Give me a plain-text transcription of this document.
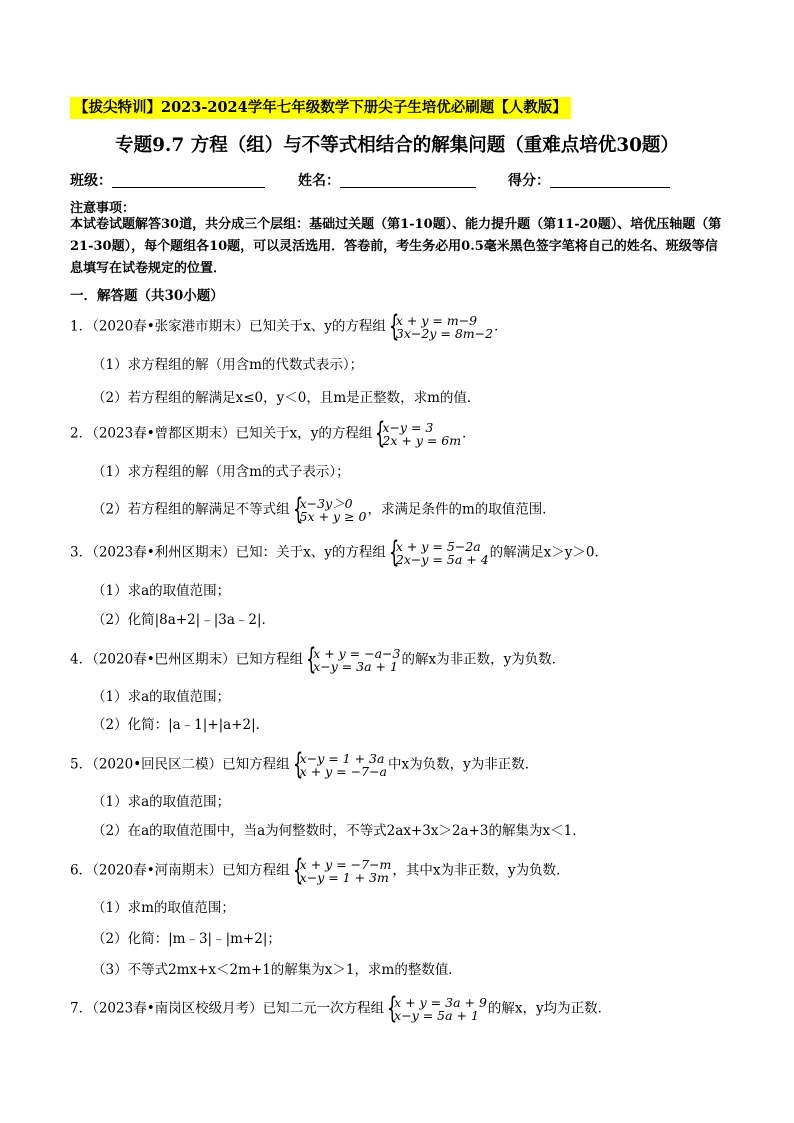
【拔尖特训】2023-2024学年七年级数学下册尖子生培优必刷题【人教版】
专题9.7 方程（组）与不等式相结合的解集问题（重难点培优30题）
班级：	姓名：	得分：
注意事项：
本试卷试题解答30道，共分成三个层组：基础过关题（第1-10题）、能力提升题（第11-20题）、培优压轴题（第21-30题），每个题组各10题，可以灵活选用．答卷前，考生务必用0.5毫米黑色签字笔将自己的姓名、班级等信息填写在试卷规定的位置．
一．解答题（共30小题）
1．（2020春•张家港市期末）已知关于x、y的方程组 { x + y = m−9
3x−2y = 8m−2 ．
（1）求方程组的解（用含m的代数式表示）；
（2）若方程组的解满足x≤0，y＜0，且m是正整数，求m的值．
2．（2023春•曾都区期末）已知关于x，y的方程组 { x−y = 3
2x + y = 6m ．
（1）求方程组的解（用含m的式子表示）；
（2）若方程组的解满足不等式组 { x−3y＞0
5x + y ≥ 0 ，求满足条件的m的取值范围．
3．（2023春•利州区期末）已知：关于x、y的方程组 { x + y = 5−2a
2x−y = 5a + 4 的解满足x＞y＞0．
（1）求a的取值范围；
（2）化简|8a+2|﹣|3a﹣2|．
4．（2020春•巴州区期末）已知方程组 { x + y = −a−3
x−y = 3a + 1 的解x为非正数，y为负数．
（1）求a的取值范围；
（2）化简：|a﹣1|+|a+2|．
5．（2020•回民区二模）已知方程组 { x−y = 1 + 3a
x + y = −7−a 中x为负数，y为非正数．
（1）求a的取值范围；
（2）在a的取值范围中，当a为何整数时，不等式2ax+3x＞2a+3的解集为x＜1．
6．（2020春•河南期末）已知方程组 { x + y = −7−m
x−y = 1 + 3m ，其中x为非正数，y为负数．
（1）求m的取值范围；
（2）化简：|m﹣3|﹣|m+2|；
（3）不等式2mx+x＜2m+1的解集为x＞1，求m的整数值．
7．（2023春•南岗区校级月考）已知二元一次方程组 { x + y = 3a + 9
x−y = 5a + 1 的解x，y均为正数．
